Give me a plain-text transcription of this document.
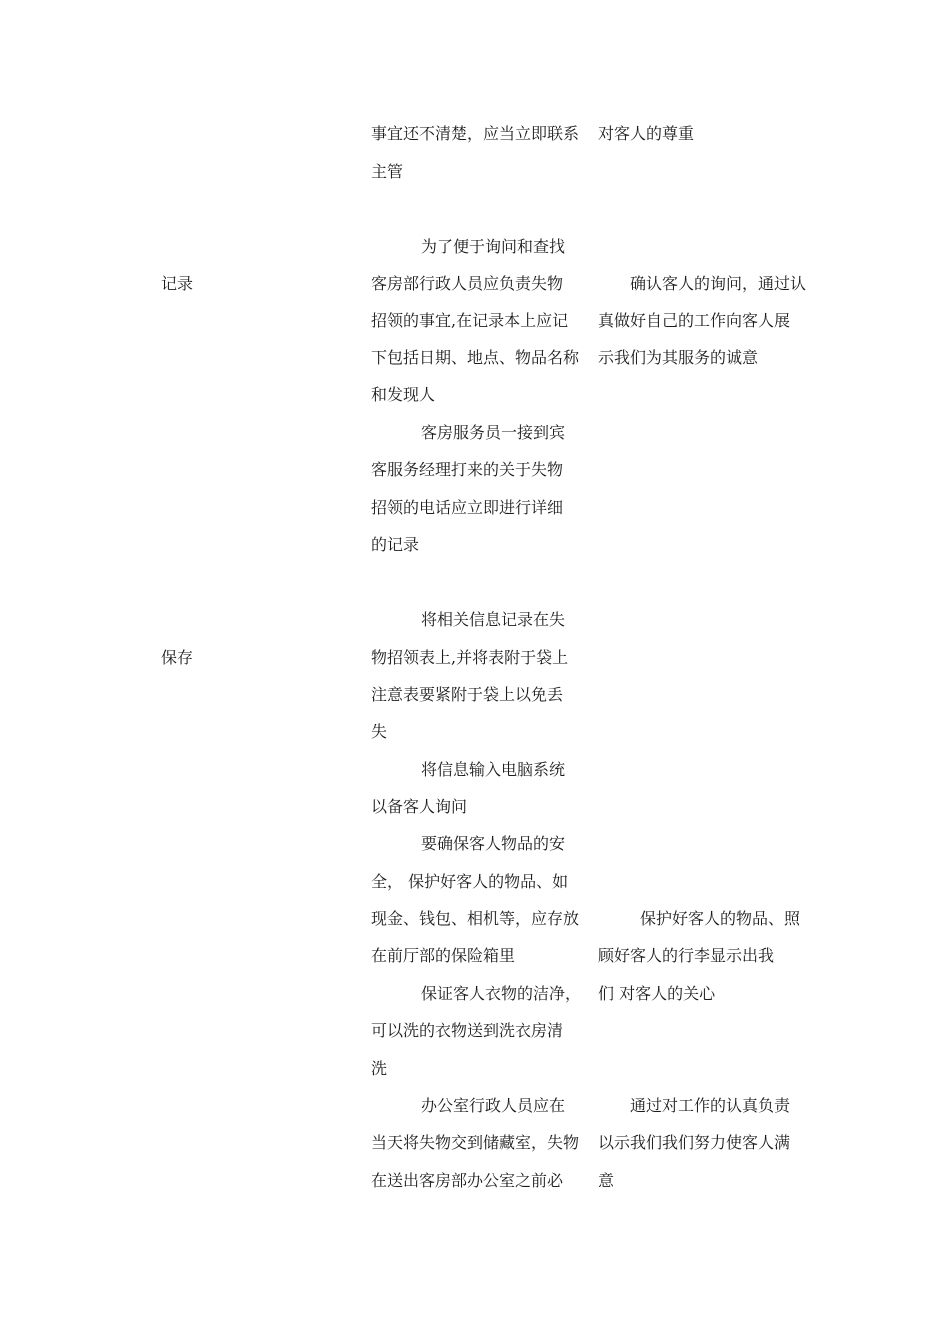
记录
保存
事宜还不清楚，应当立即联系
主管
为了便于询问和查找
客房部行政人员应负责失物
招领的事宜,在记录本上应记
下包括日期、地点、物品名称
和发现人
客房服务员一接到宾
客服务经理打来的关于失物
招领的电话应立即进行详细
的记录
将相关信息记录在失
物招领表上,并将表附于袋上
注意表要紧附于袋上以免丢
失
将信息输入电脑系统
以备客人询问
要确保客人物品的安
全， 保护好客人的物品、如
现金、钱包、相机等，应存放
在前厅部的保险箱里
保证客人衣物的洁净，
可以洗的衣物送到洗衣房清
洗
办公室行政人员应在
当天将失物交到储藏室，失物
在送出客房部办公室之前必
对客人的尊重
确认客人的询问，通过认
真做好自己的工作向客人展
示我们为其服务的诚意
保护好客人的物品、照
顾好客人的行李显示出我
们 对客人的关心
通过对工作的认真负责
以示我们我们努力使客人满
意
